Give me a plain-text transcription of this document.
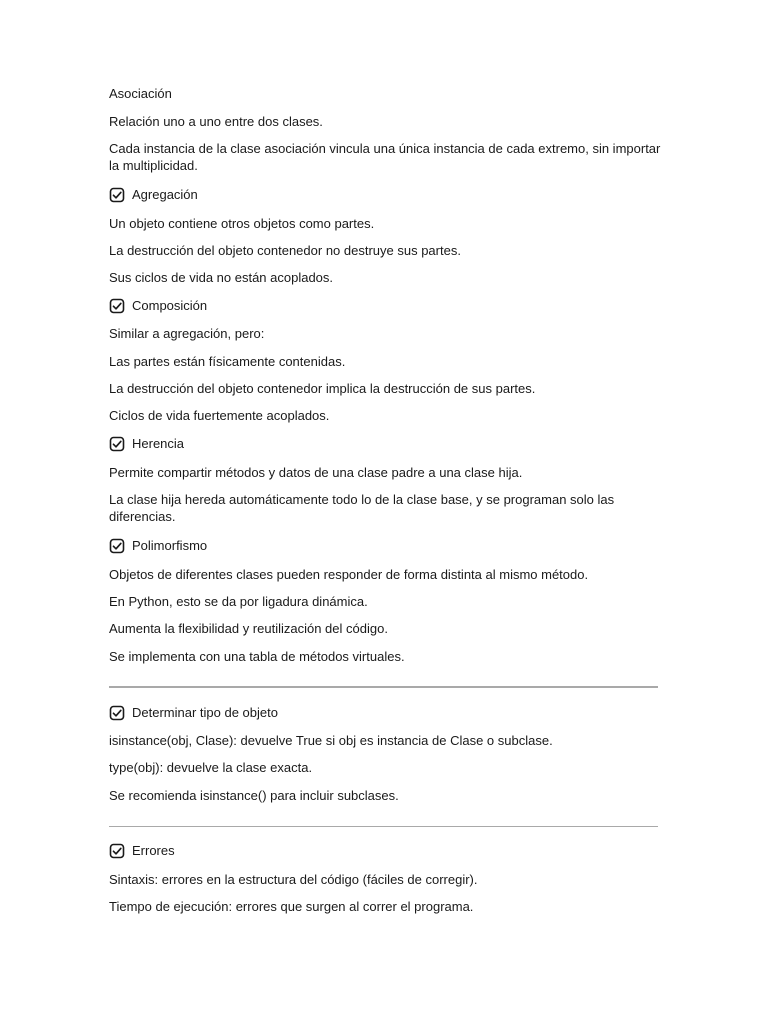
Asociación
Relación uno a uno entre dos clases.
Cada instancia de la clase asociación vincula una única instancia de cada extremo, sin importar la multiplicidad.
Agregación
Un objeto contiene otros objetos como partes.
La destrucción del objeto contenedor no destruye sus partes.
Sus ciclos de vida no están acoplados.
Composición
Similar a agregación, pero:
Las partes están físicamente contenidas.
La destrucción del objeto contenedor implica la destrucción de sus partes.
Ciclos de vida fuertemente acoplados.
Herencia
Permite compartir métodos y datos de una clase padre a una clase hija.
La clase hija hereda automáticamente todo lo de la clase base, y se programan solo las diferencias.
Polimorfismo
Objetos de diferentes clases pueden responder de forma distinta al mismo método.
En Python, esto se da por ligadura dinámica.
Aumenta la flexibilidad y reutilización del código.
Se implementa con una tabla de métodos virtuales.
Determinar tipo de objeto
isinstance(obj, Clase): devuelve True si obj es instancia de Clase o subclase.
type(obj): devuelve la clase exacta.
Se recomienda isinstance() para incluir subclases.
Errores
Sintaxis: errores en la estructura del código (fáciles de corregir).
Tiempo de ejecución: errores que surgen al correr el programa.
